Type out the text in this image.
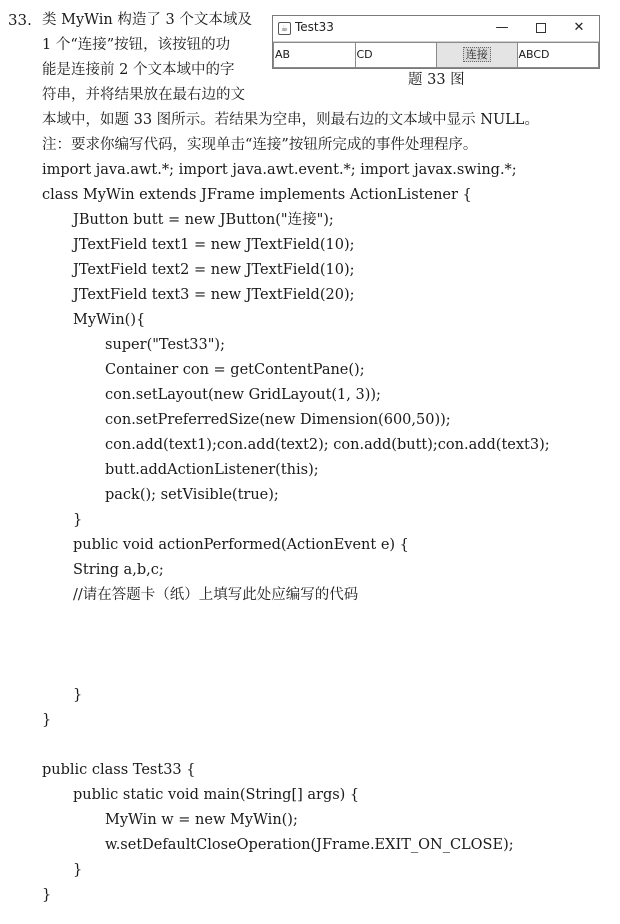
33. 类 MyWin 构造了 3 个文本域及
1 个“连接”按钮，该按钮的功
能是连接前 2 个文本域中的字
符串，并将结果放在最右边的文
☕ Test33	—	✕
AB	CD	连接	ABCD
题 33 图
本域中，如题 33 图所示。若结果为空串，则最右边的文本域中显示 NULL。
注：要求你编写代码，实现单击“连接”按钮所完成的事件处理程序。
import java.awt.*; import java.awt.event.*; import javax.swing.*;
class MyWin extends JFrame implements ActionListener {
JButton butt = new JButton("连接");
JTextField text1 = new JTextField(10);
JTextField text2 = new JTextField(10);
JTextField text3 = new JTextField(20);
MyWin(){
super("Test33");
Container con = getContentPane();
con.setLayout(new GridLayout(1, 3));
con.setPreferredSize(new Dimension(600,50));
con.add(text1);con.add(text2); con.add(butt);con.add(text3);
butt.addActionListener(this);
pack(); setVisible(true);
}
public void actionPerformed(ActionEvent e) {
String a,b,c;
//请在答题卡（纸）上填写此处应编写的代码
}
}
public class Test33 {
public static void main(String[] args) {
MyWin w = new MyWin();
w.setDefaultCloseOperation(JFrame.EXIT_ON_CLOSE);
}
}
